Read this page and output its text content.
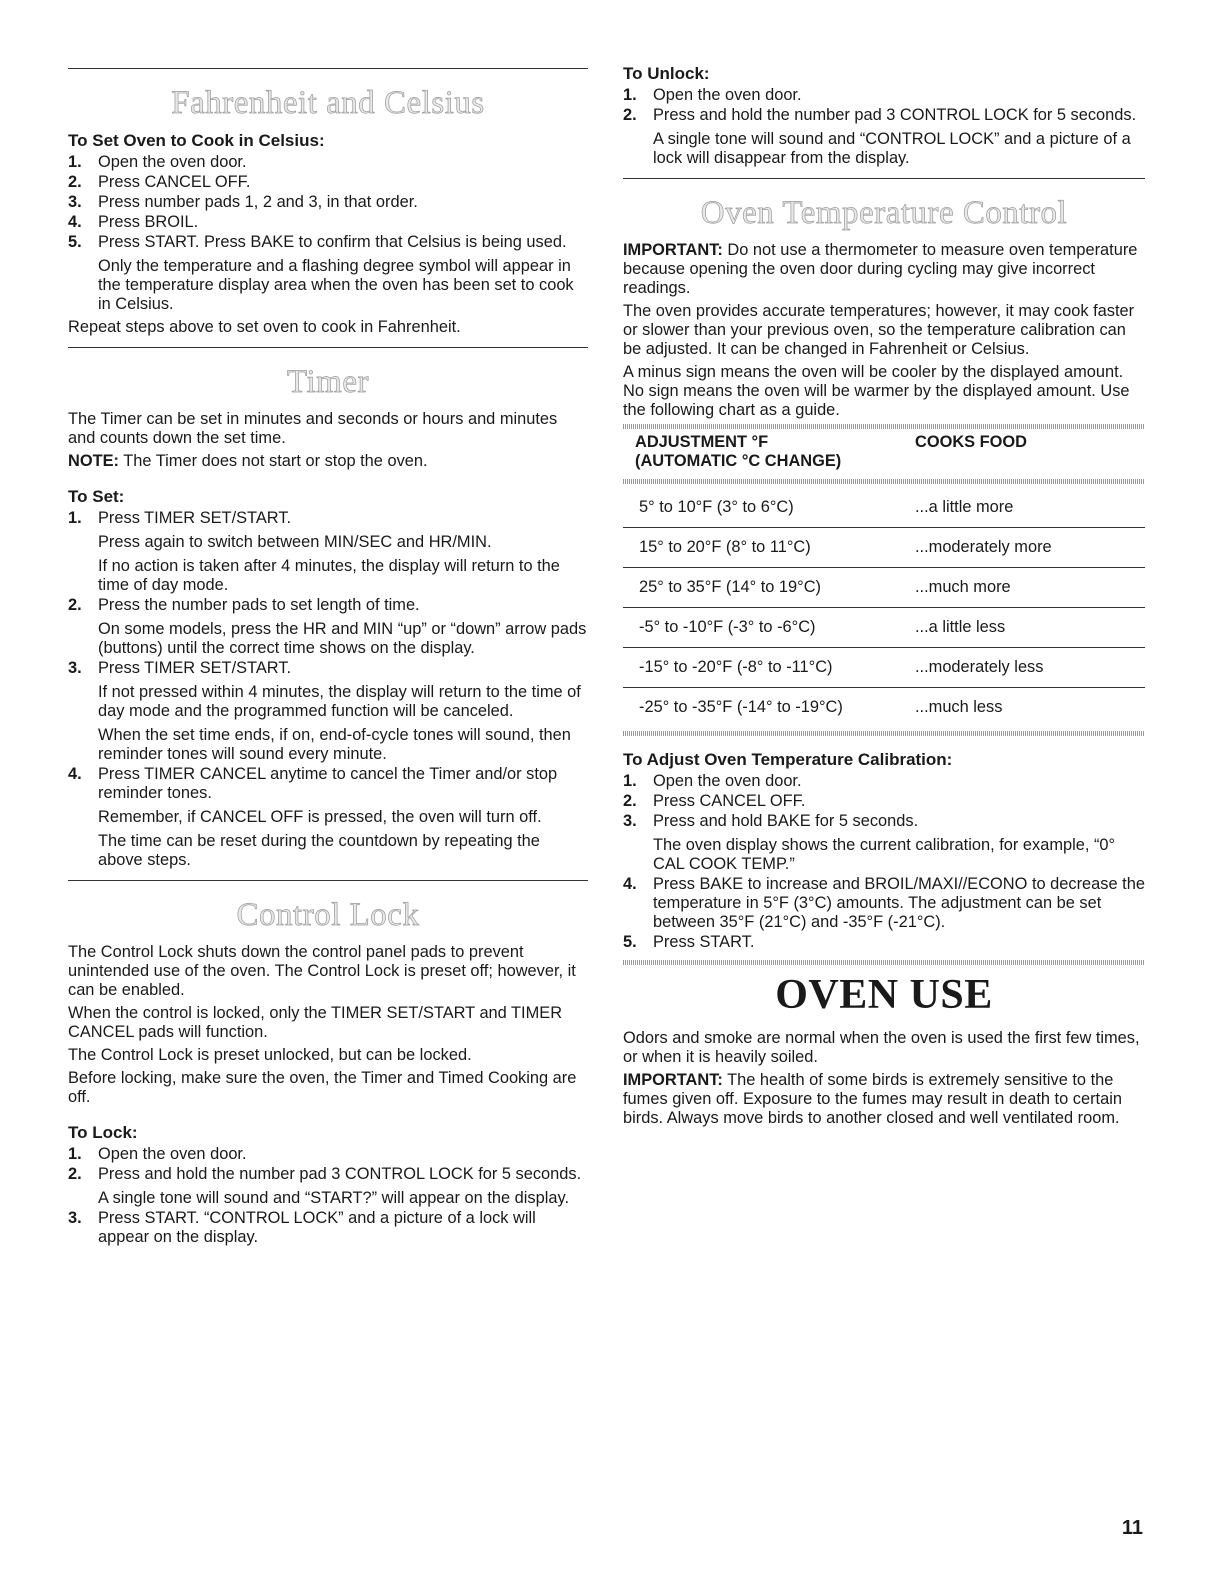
Fahrenheit and Celsius
To Set Oven to Cook in Celsius:
1. Open the oven door.
2. Press CANCEL OFF.
3. Press number pads 1, 2 and 3, in that order.
4. Press BROIL.
5. Press START. Press BAKE to confirm that Celsius is being used.
Only the temperature and a flashing degree symbol will appear in the temperature display area when the oven has been set to cook in Celsius.

Repeat steps above to set oven to cook in Fahrenheit.

Timer

The Timer can be set in minutes and seconds or hours and minutes and counts down the set time.

NOTE: The Timer does not start or stop the oven.

To Set:
1. Press TIMER SET/START.
Press again to switch between MIN/SEC and HR/MIN.
If no action is taken after 4 minutes, the display will return to the time of day mode.
2. Press the number pads to set length of time.
On some models, press the HR and MIN “up” or “down” arrow pads (buttons) until the correct time shows on the display.
3. Press TIMER SET/START.
If not pressed within 4 minutes, the display will return to the time of day mode and the programmed function will be canceled.
When the set time ends, if on, end-of-cycle tones will sound, then reminder tones will sound every minute.
4. Press TIMER CANCEL anytime to cancel the Timer and/or stop reminder tones.
Remember, if CANCEL OFF is pressed, the oven will turn off.
The time can be reset during the countdown by repeating the above steps.
Control Lock

The Control Lock shuts down the control panel pads to prevent unintended use of the oven. The Control Lock is preset off; however, it can be enabled.

When the control is locked, only the TIMER SET/START and TIMER CANCEL pads will function.

The Control Lock is preset unlocked, but can be locked.

Before locking, make sure the oven, the Timer and Timed Cooking are off.

To Lock:
1. Open the oven door.
2. Press and hold the number pad 3 CONTROL LOCK for 5 seconds.
A single tone will sound and “START?” will appear on the display.
3. Press START. “CONTROL LOCK” and a picture of a lock will appear on the display.
To Unlock:
1. Open the oven door.
2. Press and hold the number pad 3 CONTROL LOCK for 5 seconds.
A single tone will sound and “CONTROL LOCK” and a picture of a lock will disappear from the display.
Oven Temperature Control

IMPORTANT: Do not use a thermometer to measure oven temperature because opening the oven door during cycling may give incorrect readings.

The oven provides accurate temperatures; however, it may cook faster or slower than your previous oven, so the temperature calibration can be adjusted. It can be changed in Fahrenheit or Celsius.

A minus sign means the oven will be cooler by the displayed amount. No sign means the oven will be warmer by the displayed amount. Use the following chart as a guide.

ADJUSTMENT °F
(AUTOMATIC °C CHANGE)
COOKS FOOD
5° to 10°F (3° to 6°C)	...a little more
15° to 20°F (8° to 11°C)	...moderately more
25° to 35°F (14° to 19°C)	...much more
-5° to -10°F (-3° to -6°C)	...a little less
-15° to -20°F (-8° to -11°C)	...moderately less
-25° to -35°F (-14° to -19°C)	...much less
To Adjust Oven Temperature Calibration:
1. Open the oven door.
2. Press CANCEL OFF.
3. Press and hold BAKE for 5 seconds.
The oven display shows the current calibration, for example, “0° CAL COOK TEMP.”
4. Press BAKE to increase and BROIL/MAXI//ECONO to decrease the temperature in 5°F (3°C) amounts. The adjustment can be set between 35°F (21°C) and -35°F (-21°C).
5. Press START.
OVEN USE

Odors and smoke are normal when the oven is used the first few times, or when it is heavily soiled.

IMPORTANT: The health of some birds is extremely sensitive to the fumes given off. Exposure to the fumes may result in death to certain birds. Always move birds to another closed and well ventilated room.

11
